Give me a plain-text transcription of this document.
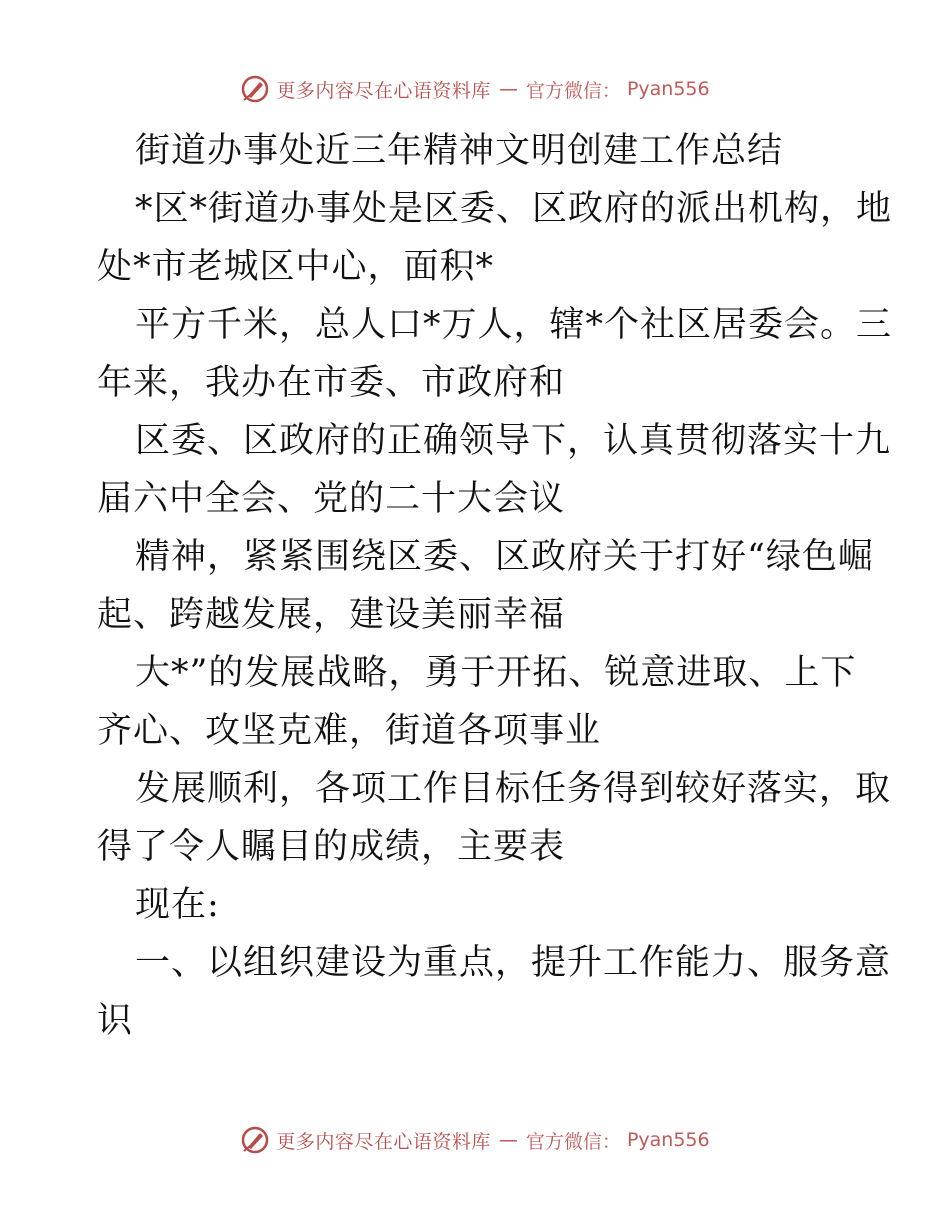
更多内容尽在心语资料库 — 官方微信： Pyan556
街道办事处近三年精神文明创建工作总结
*区*街道办事处是区委、区政府的派出机构，地
处*市老城区中心，面积*
平方千米，总人口*万人，辖*个社区居委会。三
年来，我办在市委、市政府和
区委、区政府的正确领导下，认真贯彻落实十九
届六中全会、党的二十大会议
精神，紧紧围绕区委、区政府关于打好“绿色崛
起、跨越发展，建设美丽幸福
大*”的发展战略，勇于开拓、锐意进取、上下
齐心、攻坚克难，街道各项事业
发展顺利，各项工作目标任务得到较好落实，取
得了令人瞩目的成绩，主要表
现在:
一、以组织建设为重点，提升工作能力、服务意
识
更多内容尽在心语资料库 — 官方微信： Pyan556
